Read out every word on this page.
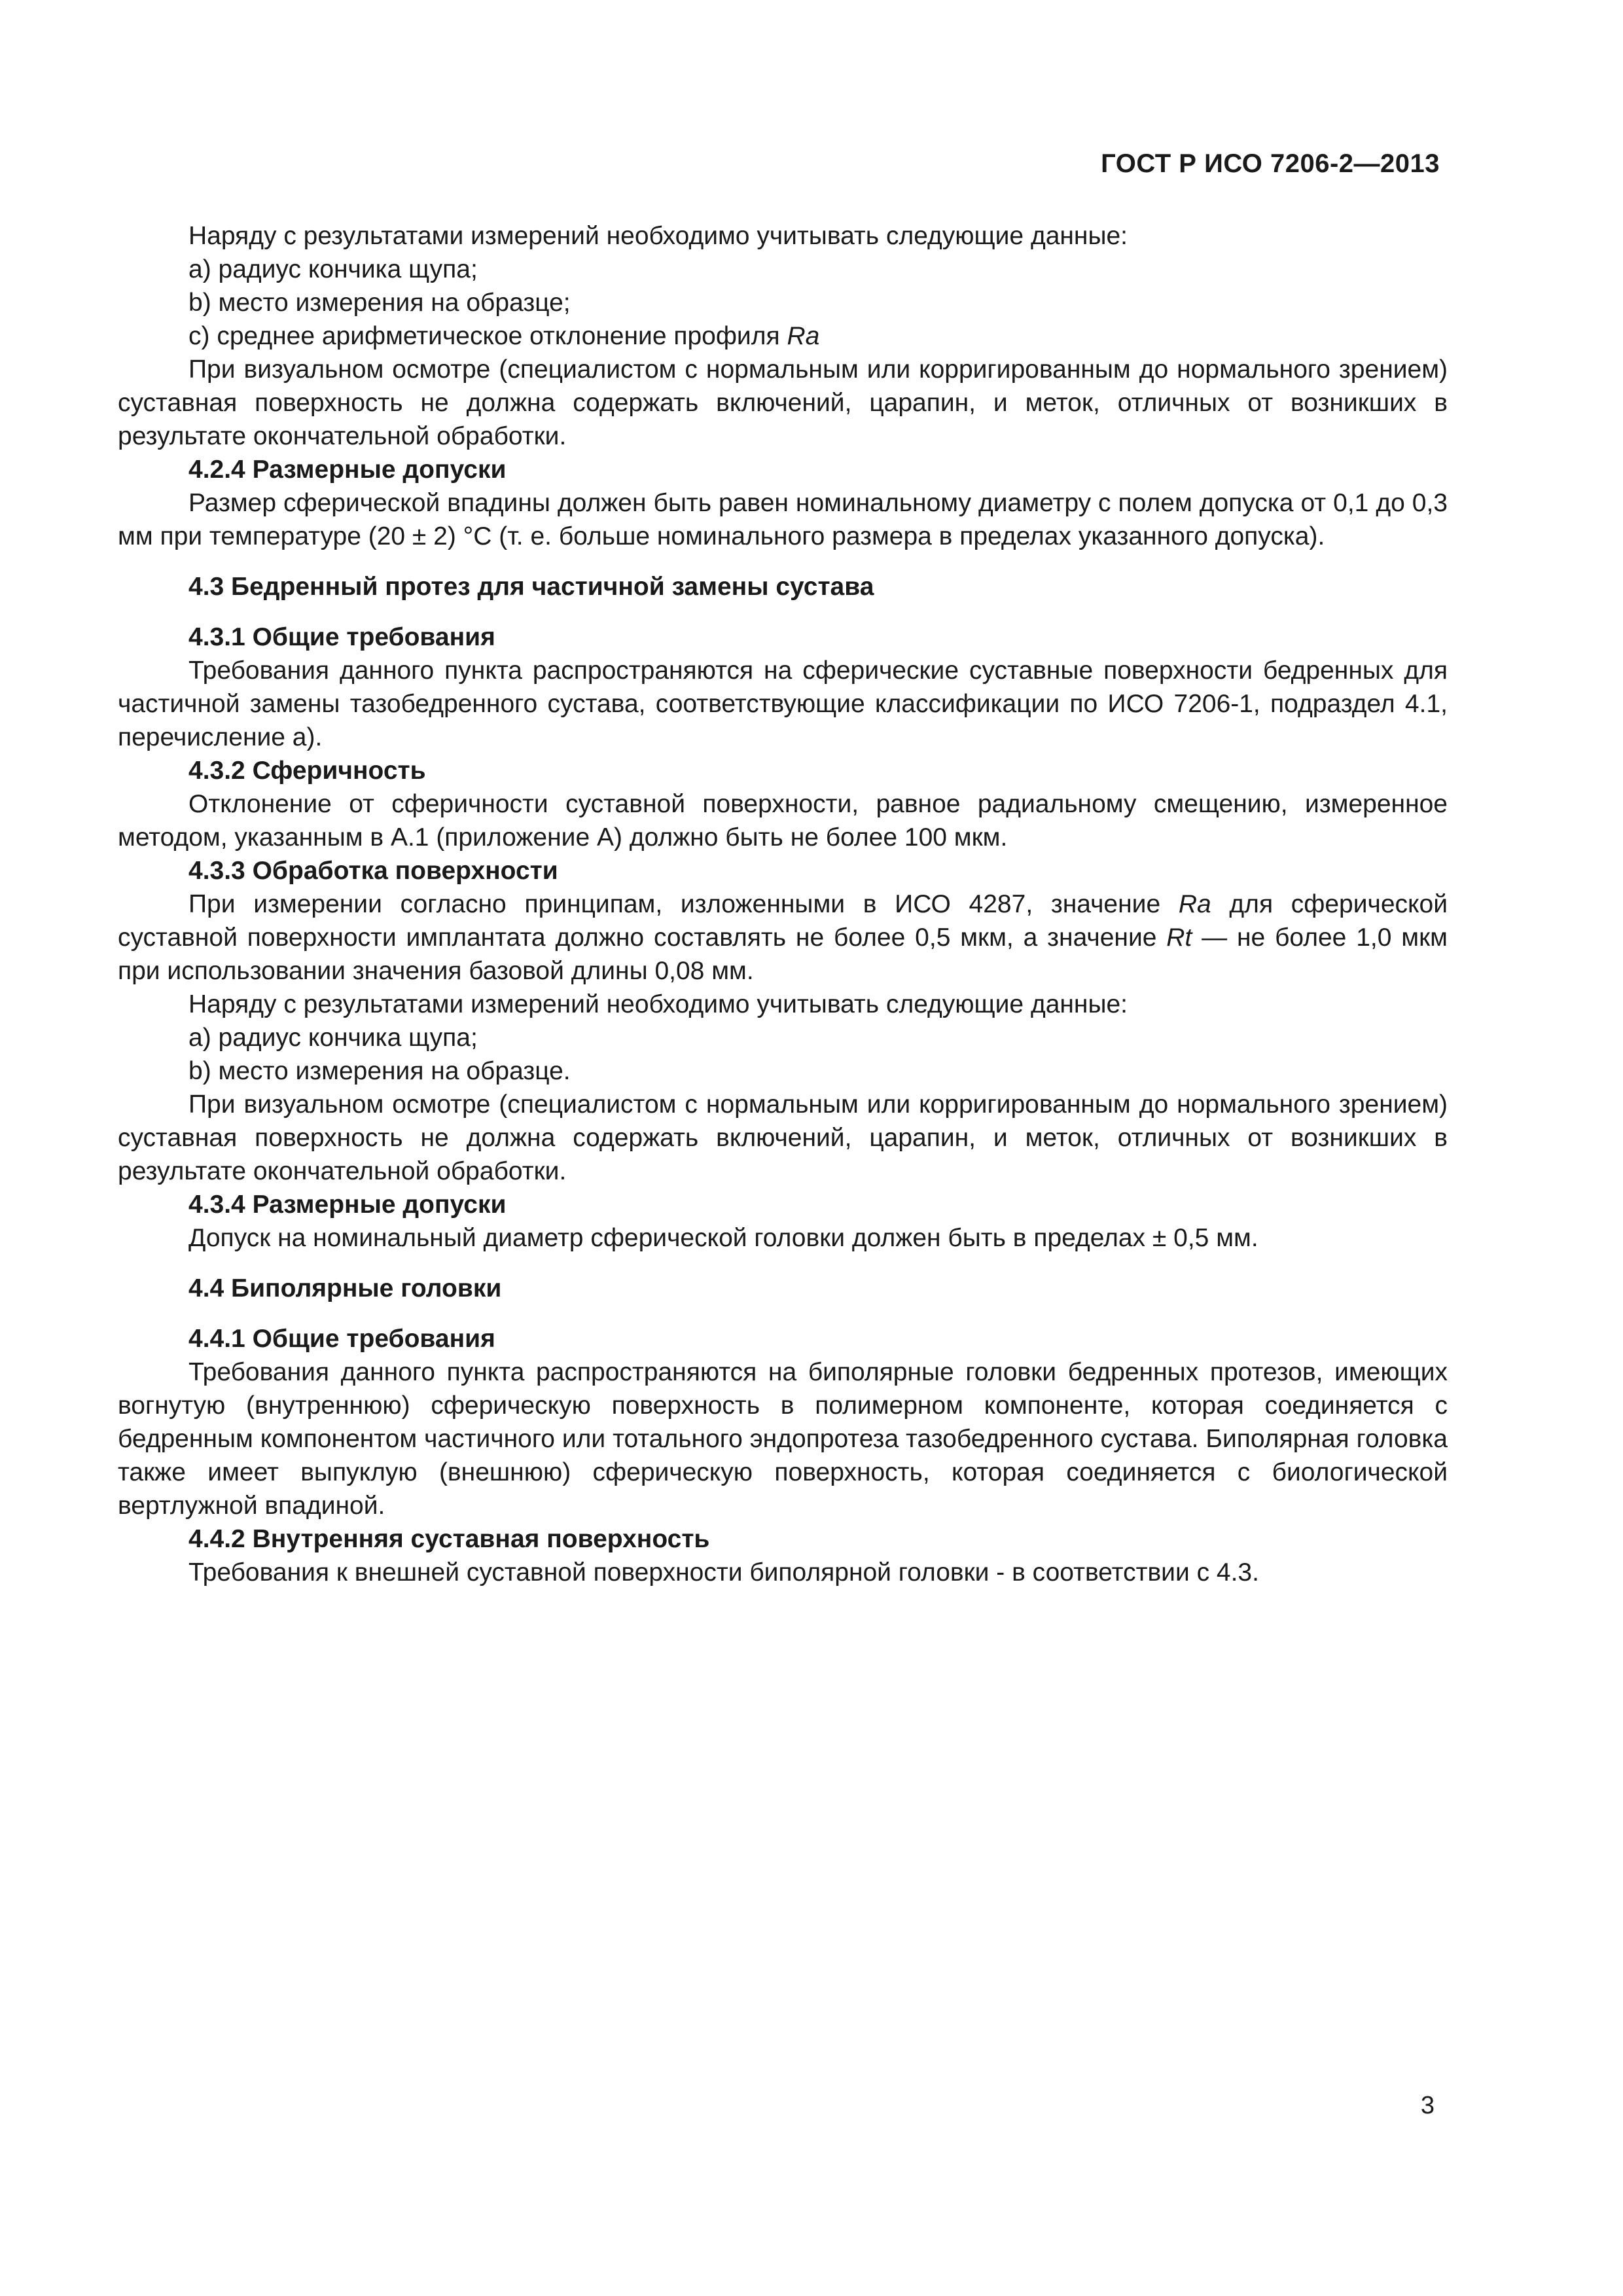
ГОСТ Р ИСО 7206-2—2013

Наряду с результатами измерений необходимо учитывать следующие данные:

а) радиус кончика щупа;

b) место измерения на образце;

с) среднее арифметическое отклонение профиля Ra

При визуальном осмотре (специалистом с нормальным или корригированным до нормального зрением) суставная поверхность не должна содержать включений, царапин, и меток, отличных от возникших в результате окончательной обработки.

4.2.4 Размерные допуски

Размер сферической впадины должен быть равен номинальному диаметру с полем допуска от 0,1 до 0,3 мм при температуре (20 ± 2) °C (т. е. больше номинального размера в пределах указанного допуска).

4.3 Бедренный протез для частичной замены сустава

4.3.1 Общие требования

Требования данного пункта распространяются на сферические суставные поверхности бедренных для частичной замены тазобедренного сустава, соответствующие классификации по ИСО 7206-1, подраздел 4.1, перечисление а).

4.3.2 Сферичность

Отклонение от сферичности суставной поверхности, равное радиальному смещению, измеренное методом, указанным в А.1 (приложение А) должно быть не более 100 мкм.

4.3.3 Обработка поверхности

При измерении согласно принципам, изложенными в ИСО 4287, значение Ra для сферической суставной поверхности имплантата должно составлять не более 0,5 мкм, а значение Rt — не более 1,0 мкм при использовании значения базовой длины 0,08 мм.

Наряду с результатами измерений необходимо учитывать следующие данные:

а) радиус кончика щупа;

b) место измерения на образце.

При визуальном осмотре (специалистом с нормальным или корригированным до нормального зрением) суставная поверхность не должна содержать включений, царапин, и меток, отличных от возникших в результате окончательной обработки.

4.3.4 Размерные допуски

Допуск на номинальный диаметр сферической головки должен быть в пределах ± 0,5 мм.

4.4 Биполярные головки

4.4.1 Общие требования

Требования данного пункта распространяются на биполярные головки бедренных протезов, имеющих вогнутую (внутреннюю) сферическую поверхность в полимерном компоненте, которая соединяется с бедренным компонентом частичного или тотального эндопротеза тазобедренного сустава. Биполярная головка также имеет выпуклую (внешнюю) сферическую поверхность, которая соединяется с биологической вертлужной впадиной.

4.4.2 Внутренняя суставная поверхность

Требования к внешней суставной поверхности биполярной головки - в соответствии с 4.3.

3
